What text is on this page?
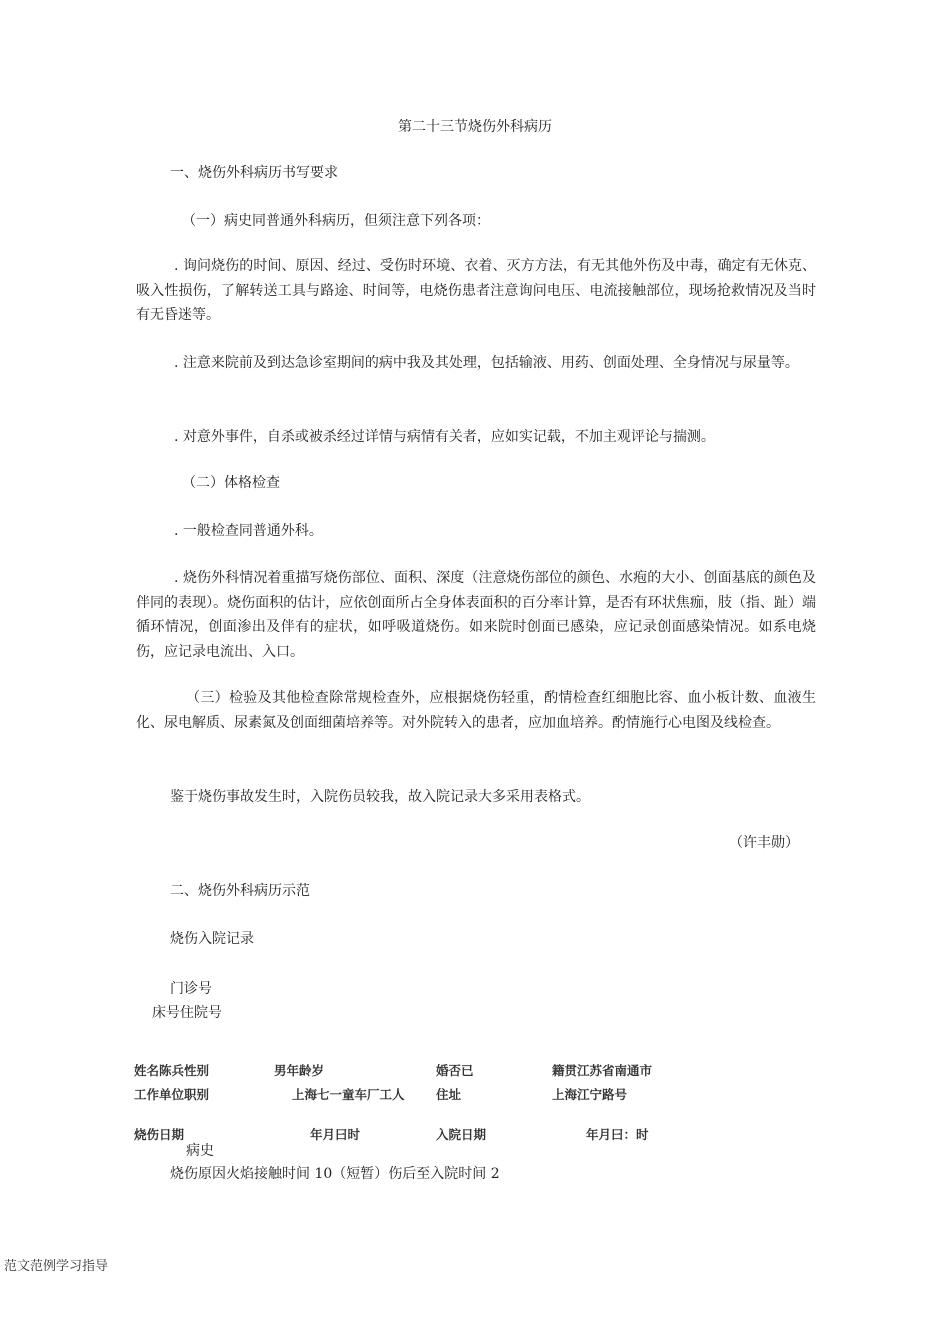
第二十三节烧伤外科病历
一、烧伤外科病历书写要求
（一）病史同普通外科病历，但须注意下列各项：
. 询问烧伤的时间、原因、经过、受伤时环境、衣着、灭方方法，有无其他外伤及中毒，确定有无休克、吸入性损伤，了解转送工具与路途、时间等，电烧伤患者注意询问电压、电流接触部位，现场抢救情况及当时有无昏迷等。
. 注意来院前及到达急诊室期间的病中我及其处理，包括输液、用药、创面处理、全身情况与尿量等。
. 对意外事件，自杀或被杀经过详情与病情有关者，应如实记载，不加主观评论与揣测。
（二）体格检查
. 一般检查同普通外科。
. 烧伤外科情况着重描写烧伤部位、面积、深度（注意烧伤部位的颜色、水疱的大小、创面基底的颜色及伴同的表现）。烧伤面积的估计，应依创面所占全身体表面积的百分率计算，是否有环状焦痂，肢（指、趾）端循环情况，创面渗出及伴有的症状，如呼吸道烧伤。如来院时创面已感染，应记录创面感染情况。如系电烧伤，应记录电流出、入口。
（三）检验及其他检查除常规检查外，应根据烧伤轻重，酌情检查红细胞比容、血小板计数、血液生化、尿电解质、尿素氮及创面细菌培养等。对外院转入的患者，应加血培养。酌情施行心电图及线检查。
鉴于烧伤事故发生时，入院伤员较我，故入院记录大多采用表格式。
（许丰勋）
二、烧伤外科病历示范
烧伤入院记录
门诊号
床号住院号
姓名陈兵性别	男年龄岁	婚否已	籍贯江苏省南通市
工作单位职别	上海七一童车厂工人	住址	上海江宁路号
烧伤日期	年月曰时	入院日期	年月曰：时
病史
烧伤原因火焰接触时间 10（短暂）伤后至入院时间 2
范文范例学习指导
